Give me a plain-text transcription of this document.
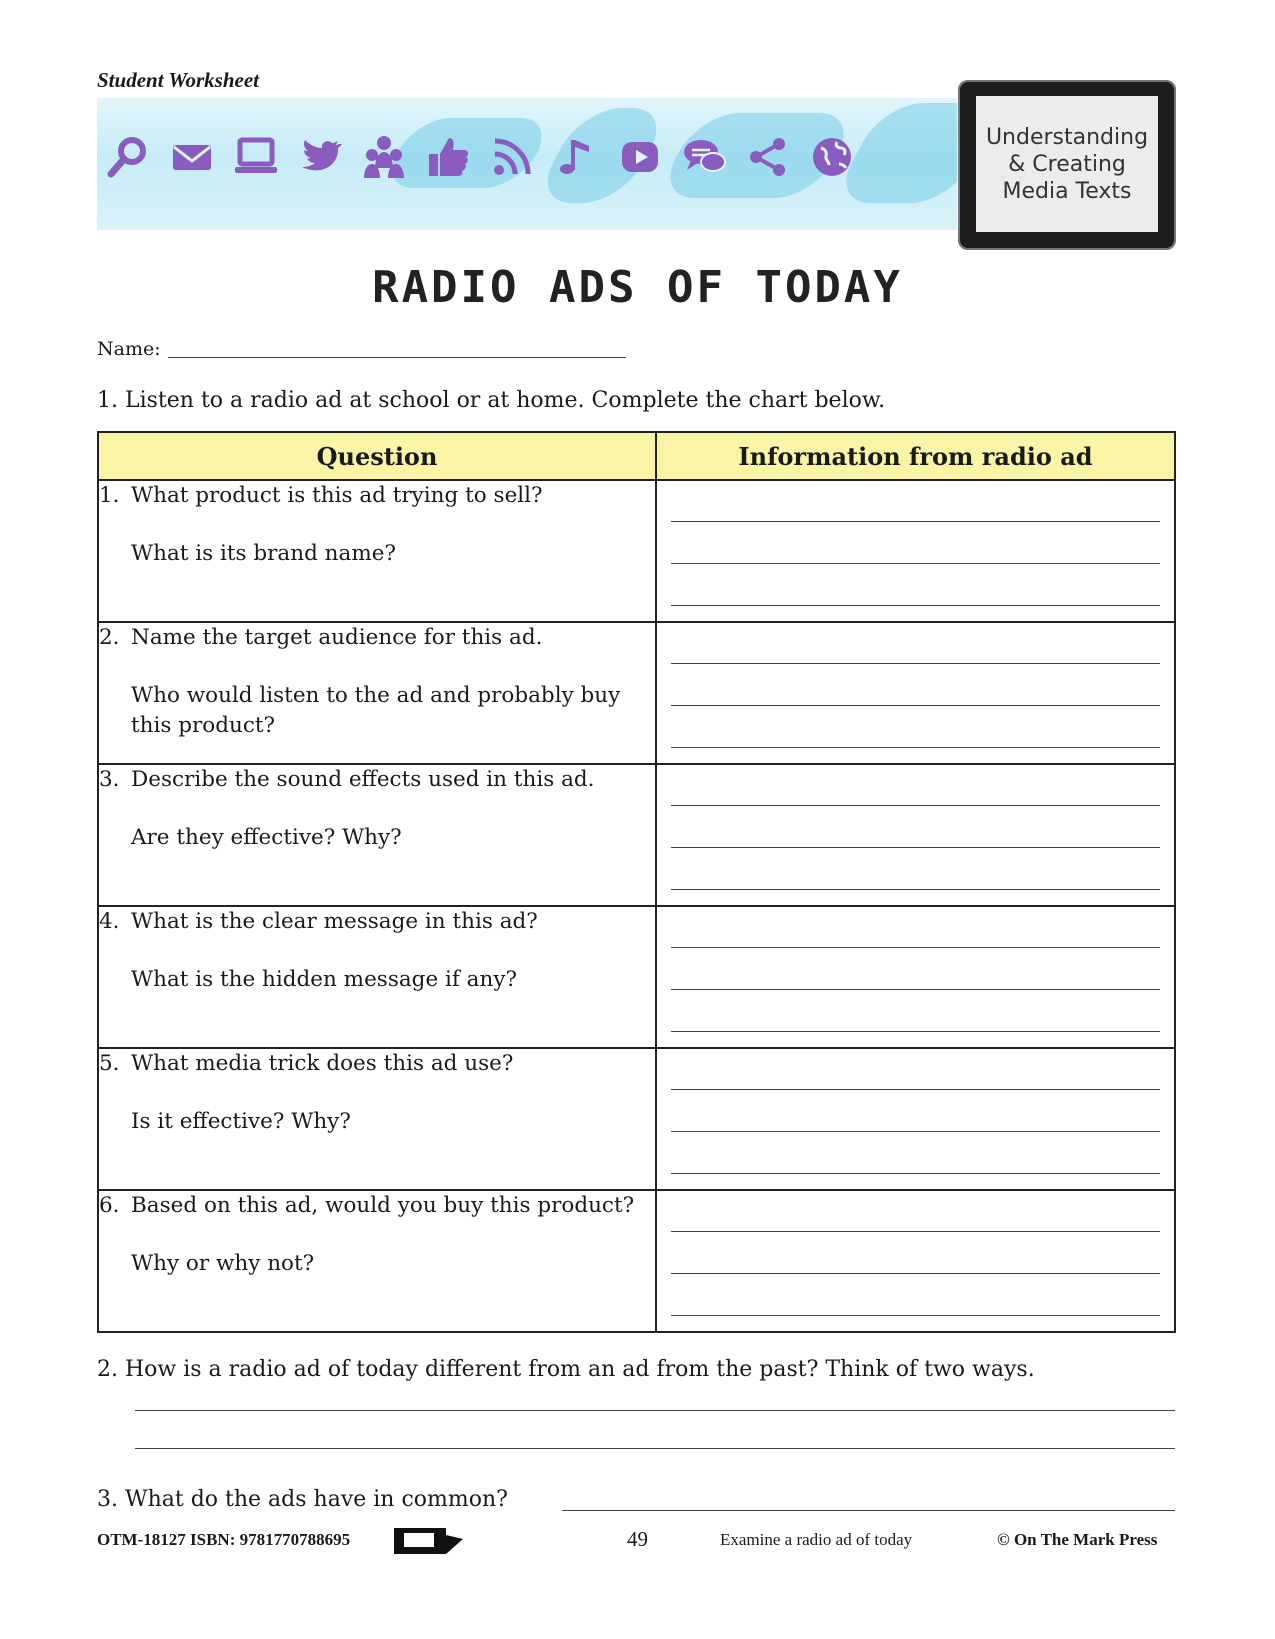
Student Worksheet
Understanding
& Creating
Media Texts
RADIO ADS OF TODAY
Name:
1. Listen to a radio ad at school or at home. Complete the chart below.
Question	Information from radio ad

1. What product is this ad trying to sell?
What is its brand name?	

2. Name the target audience for this ad.
Who would listen to the ad and probably buy this product?	

3. Describe the sound effects used in this ad.
Are they effective? Why?	

4. What is the clear message in this ad?
What is the hidden message if any?	

5. What media trick does this ad use?
Is it effective? Why?	

6. Based on this ad, would you buy this product?
Why or why not?	

2. How is a radio ad of today different from an ad from the past? Think of two ways.
3. What do the ads have in common?
OTM-18127 ISBN: 9781770788695	49	Examine a radio ad of today	© On The Mark Press
